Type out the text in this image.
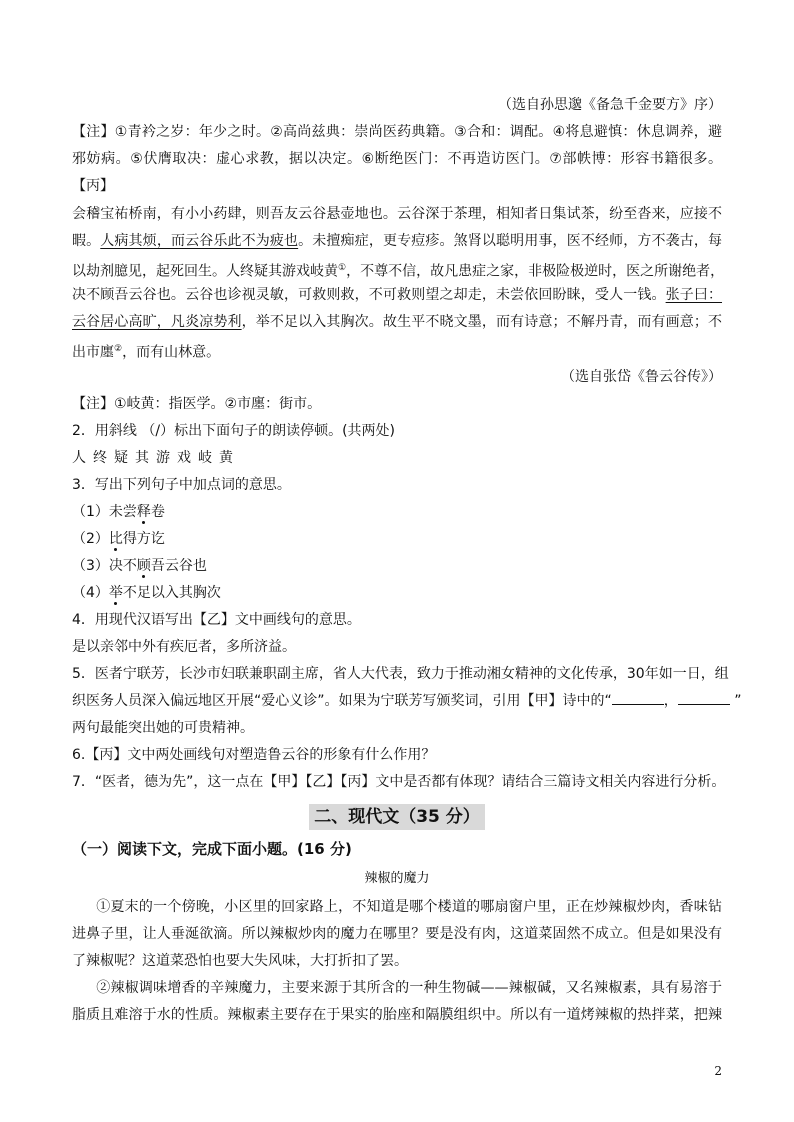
（选自孙思邈《备急千金要方》序）
【注】①青衿之岁：年少之时。②高尚兹典：崇尚医药典籍。③合和：调配。④将息避慎：休息调养，避
邪妨病。⑤伏膺取决：虚心求教，据以决定。⑥断绝医门：不再造访医门。⑦部帙博：形容书籍很多。
【丙】
会稽宝祐桥南，有小小药肆，则吾友云谷悬壶地也。云谷深于茶理，相知者日集试茶，纷至沓来，应接不
暇。人病其烦，而云谷乐此不为疲也。未擅痴症，更专痘疹。煞肾以聪明用事，医不经师，方不袭古，每
以劫剂臆见，起死回生。人终疑其游戏岐黄①，不尊不信，故凡患症之家，非极险极逆时，医之所谢绝者，
决不顾吾云谷也。云谷也诊视灵敏，可救则救，不可救则望之却走，未尝依回盼睐，受人一钱。张子曰：
云谷居心高旷，凡炎凉势利，举不足以入其胸次。故生平不晓文墨，而有诗意；不解丹青，而有画意；不
出市廛②，而有山林意。
（选自张岱《鲁云谷传》）
【注】①岐黄：指医学。②市廛：街市。
2．用斜线 （/）标出下面句子的朗读停顿。(共两处)
人终疑其游戏岐黄
3．写出下列句子中加点词的意思。
（1）未尝释卷
（2）比得方讫
（3）决不顾吾云谷也
（4）举不足以入其胸次
4．用现代汉语写出【乙】文中画线句的意思。
是以亲邻中外有疾厄者，多所济益。
5．医者宁联芳，长沙市妇联兼职副主席，省人大代表，致力于推动湘女精神的文化传承，30年如一日，组
织医务人员深入偏远地区开展“爱心义诊”。如果为宁联芳写颁奖词，引用【甲】诗中的“	，	”
两句最能突出她的可贵精神。
6.【丙】文中两处画线句对塑造鲁云谷的形象有什么作用？
7．“医者，德为先”，这一点在【甲】【乙】【丙】文中是否都有体现？请结合三篇诗文相关内容进行分析。
二、现代文（35 分）
（一）阅读下文，完成下面小题。(16 分)
辣椒的魔力
①夏末的一个傍晚，小区里的回家路上，不知道是哪个楼道的哪扇窗户里，正在炒辣椒炒肉，香味钻
进鼻子里，让人垂涎欲滴。所以辣椒炒肉的魔力在哪里？要是没有肉，这道菜固然不成立。但是如果没有
了辣椒呢？这道菜恐怕也要大失风味，大打折扣了罢。
②辣椒调味增香的辛辣魔力，主要来源于其所含的一种生物碱——辣椒碱，又名辣椒素，具有易溶于
脂质且难溶于水的性质。辣椒素主要存在于果实的胎座和隔膜组织中。所以有一道烤辣椒的热拌菜，把辣
2
